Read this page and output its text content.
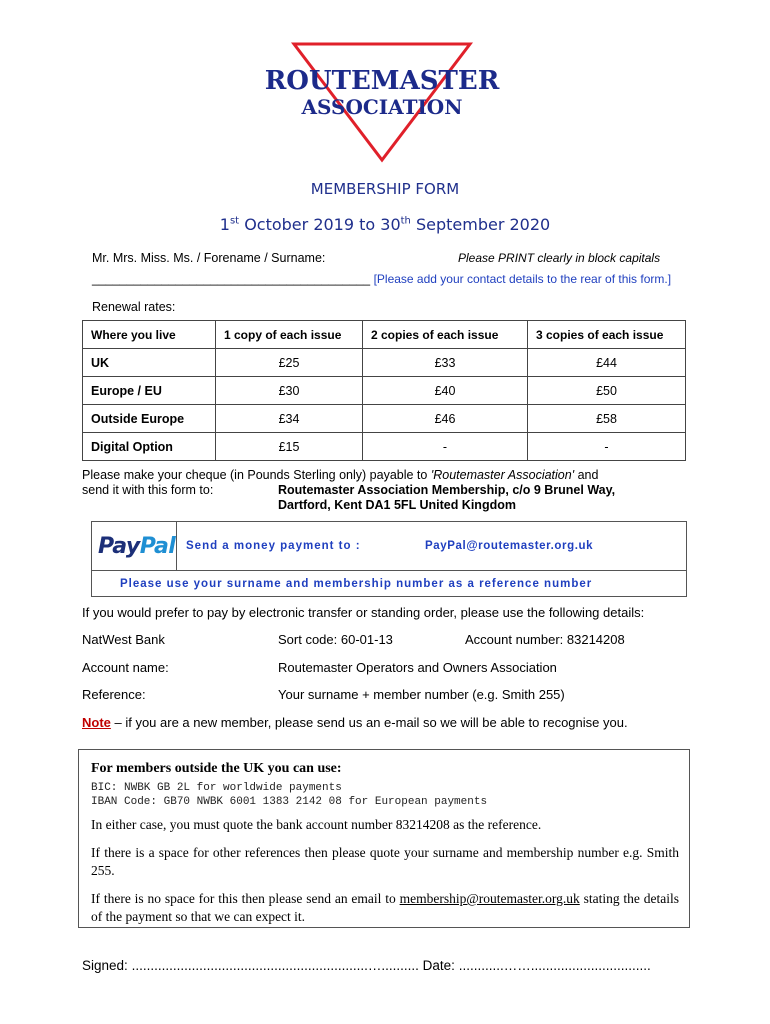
ROUTEMASTER
ASSOCIATION
MEMBERSHIP FORM
1st October 2019 to 30th September 2020
Mr. Mrs. Miss. Ms. / Forename / Surname:	Please PRINT clearly in block capitals
________________________________________ [Please add your contact details to the rear of this form.]
Renewal rates:
Where you live	1 copy of each issue	2 copies of each issue	3 copies of each issue
UK	£25	£33	£44
Europe / EU	£30	£40	£50
Outside Europe	£34	£46	£58
Digital Option	£15	-	-
Please make your cheque (in Pounds Sterling only) payable to 'Routemaster Association' and
send it with this form to:	Routemaster Association Membership, c/o 9 Brunel Way,
Dartford, Kent DA1 5FL United Kingdom
PayPal Send a money payment to :	PayPal@routemaster.org.uk
Please use your surname and membership number as a reference number
If you would prefer to pay by electronic transfer or standing order, please use the following details:
NatWest Bank	Sort code: 60-01-13	Account number: 83214208
Account name:	Routemaster Operators and Owners Association
Reference:	Your surname + member number (e.g. Smith 255)
Note – if you are a new member, please send us an e-mail so we will be able to recognise you.
For members outside the UK you can use:
BIC: NWBK GB 2L for worldwide payments
IBAN Code: GB70 NWBK 6001 1383 2142 08 for European payments
In either case, you must quote the bank account number 83214208 as the reference.
If there is a space for other references then please quote your surname and membership number e.g. Smith 255.
If there is no space for this then please send an email to membership@routemaster.org.uk stating the details of the payment so that we can expect it.
Signed: ...............................................................….......... Date: ............……................................
